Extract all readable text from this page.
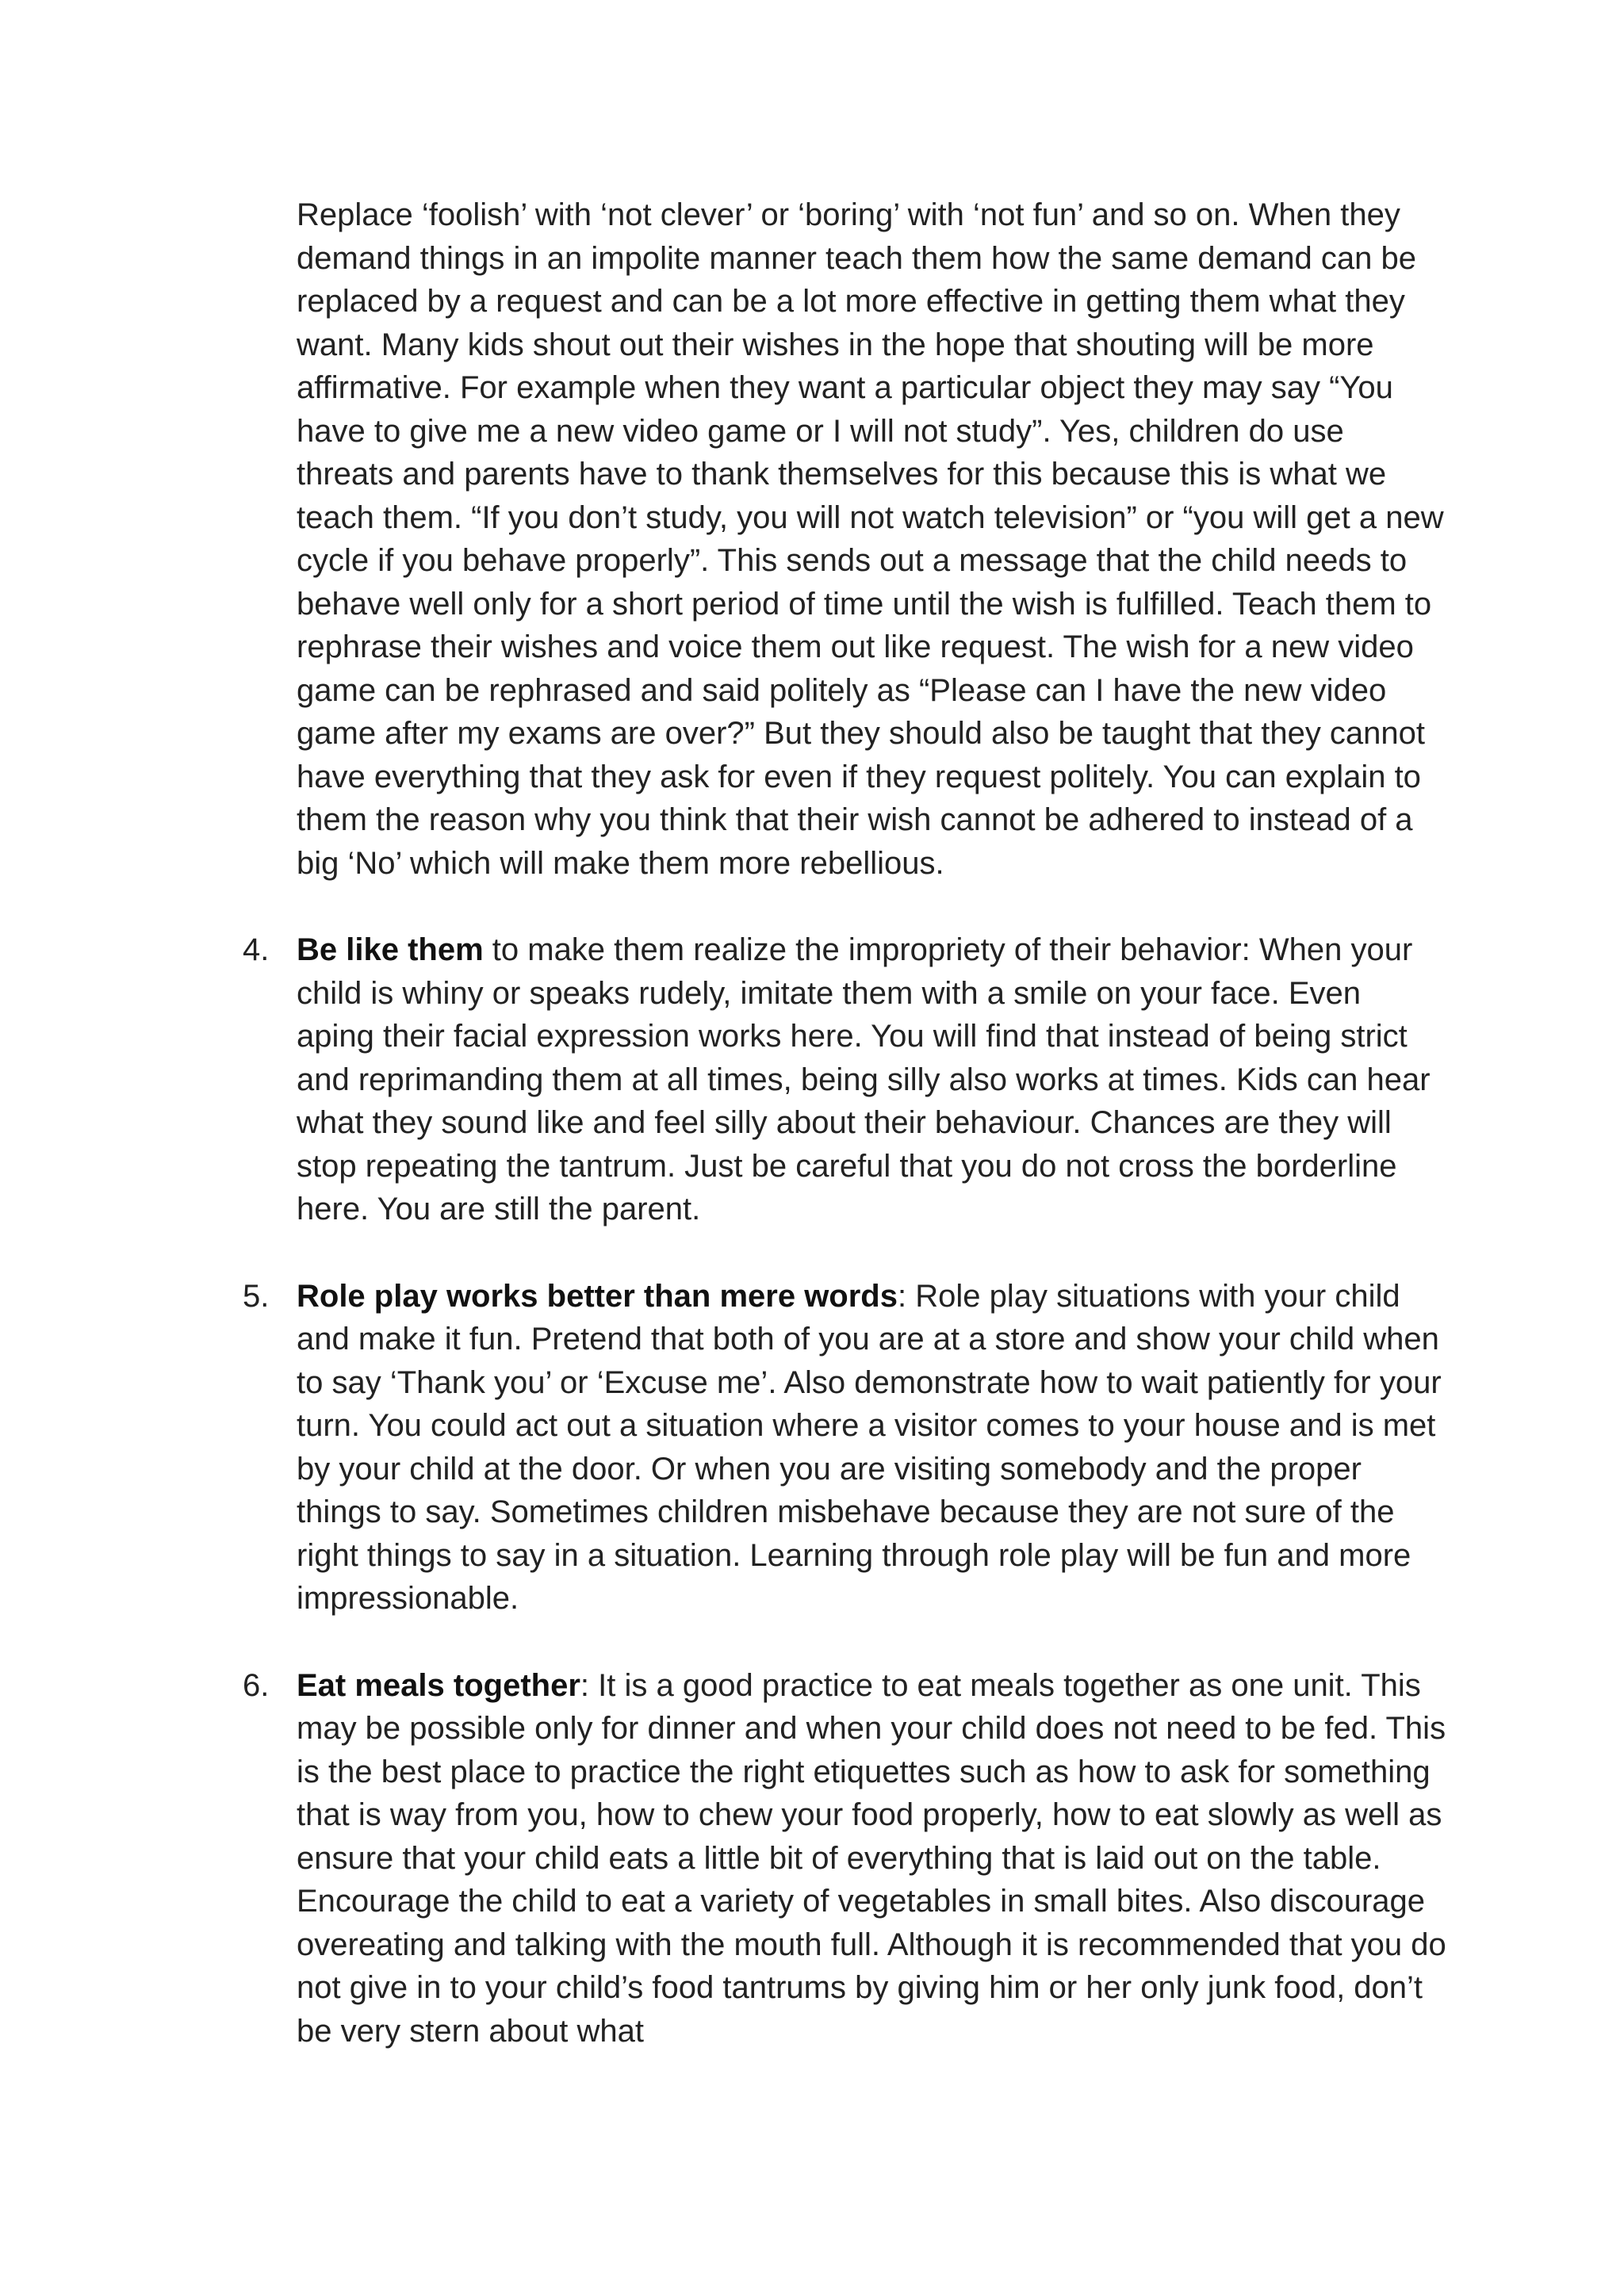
Replace ‘foolish’ with ‘not clever’ or ‘boring’ with ‘not fun’ and so on. When they demand things in an impolite manner teach them how the same demand can be replaced by a request and can be a lot more effective in getting them what they want. Many kids shout out their wishes in the hope that shouting will be more affirmative. For example when they want a particular object they may say “You have to give me a new video game or I will not study”. Yes, children do use threats and parents have to thank themselves for this because this is what we teach them. “If you don’t study, you will not watch television” or “you will get a new cycle if you behave properly”. This sends out a message that the child needs to behave well only for a short period of time until the wish is fulfilled. Teach them to rephrase their wishes and voice them out like request. The wish for a new video game can be rephrased and said politely as “Please can I have the new video game after my exams are over?” But they should also be taught that they cannot have everything that they ask for even if they request politely. You can explain to them the reason why you think that their wish cannot be adhered to instead of a big ‘No’ which will make them more rebellious.

4. Be like them to make them realize the impropriety of their behavior: When your child is whiny or speaks rudely, imitate them with a smile on your face. Even aping their facial expression works here. You will find that instead of being strict and reprimanding them at all times, being silly also works at times. Kids can hear what they sound like and feel silly about their behaviour. Chances are they will stop repeating the tantrum. Just be careful that you do not cross the borderline here. You are still the parent.

5. Role play works better than mere words: Role play situations with your child and make it fun. Pretend that both of you are at a store and show your child when to say ‘Thank you’ or ‘Excuse me’. Also demonstrate how to wait patiently for your turn. You could act out a situation where a visitor comes to your house and is met by your child at the door. Or when you are visiting somebody and the proper things to say. Sometimes children misbehave because they are not sure of the right things to say in a situation. Learning through role play will be fun and more impressionable.

6. Eat meals together: It is a good practice to eat meals together as one unit. This may be possible only for dinner and when your child does not need to be fed. This is the best place to practice the right etiquettes such as how to ask for something that is way from you, how to chew your food properly, how to eat slowly as well as ensure that your child eats a little bit of everything that is laid out on the table. Encourage the child to eat a variety of vegetables in small bites. Also discourage overeating and talking with the mouth full. Although it is recommended that you do not give in to your child’s food tantrums by giving him or her only junk food, don’t be very stern about what
